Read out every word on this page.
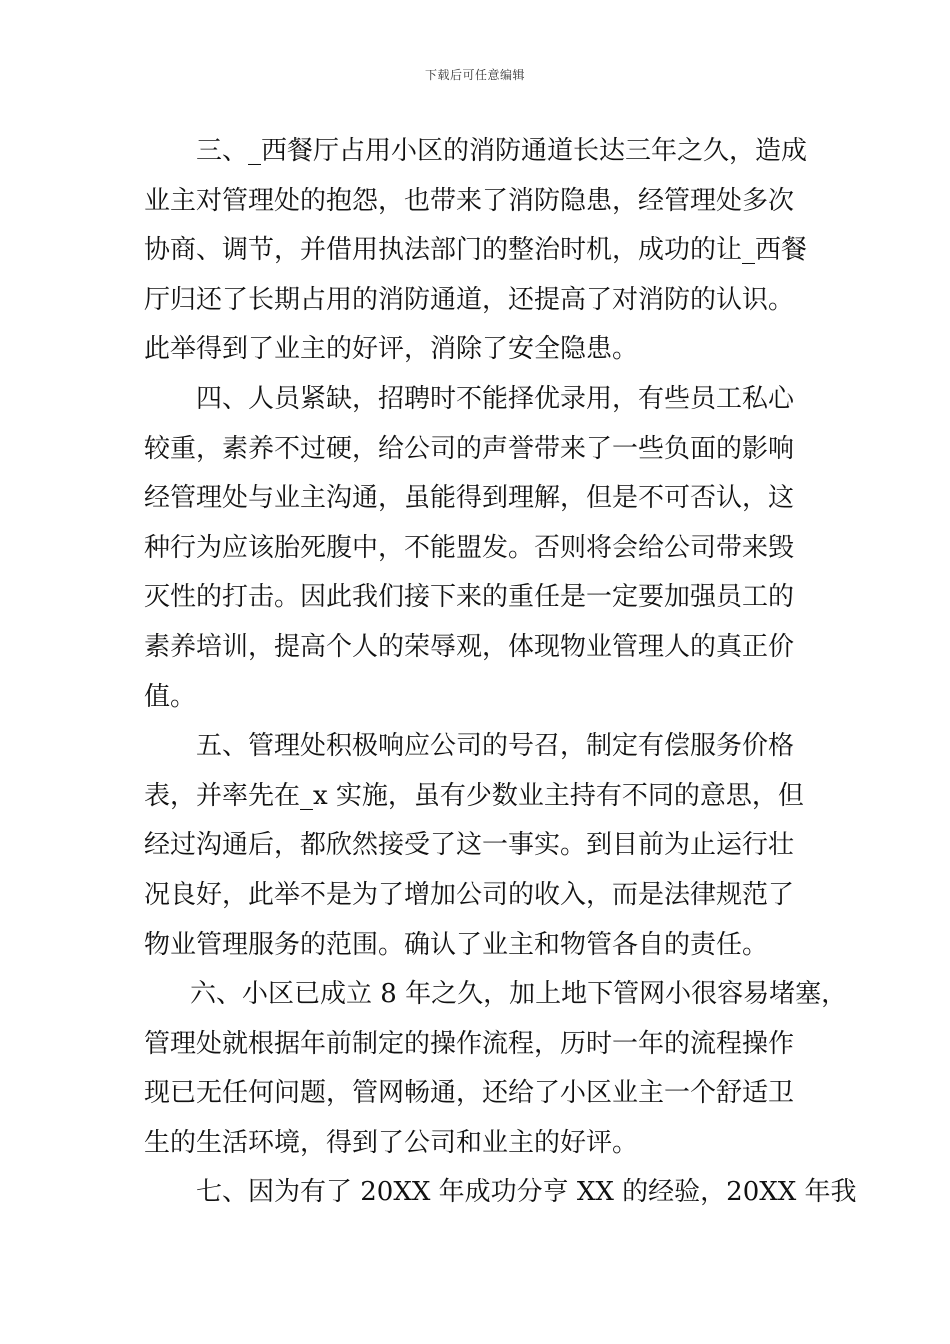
下载后可任意编辑
三、_西餐厅占用小区的消防通道长达三年之久，造成
业主对管理处的抱怨，也带来了消防隐患，经管理处多次
协商、调节，并借用执法部门的整治时机，成功的让_西餐
厅归还了长期占用的消防通道，还提高了对消防的认识。
此举得到了业主的好评，消除了安全隐患。
四、人员紧缺，招聘时不能择优录用，有些员工私心
较重，素养不过硬，给公司的声誉带来了一些负面的影响
经管理处与业主沟通，虽能得到理解，但是不可否认，这
种行为应该胎死腹中，不能盟发。否则将会给公司带来毁
灭性的打击。因此我们接下来的重任是一定要加强员工的
素养培训，提高个人的荣辱观，体现物业管理人的真正价
值。
五、管理处积极响应公司的号召，制定有偿服务价格
表，并率先在_x 实施，虽有少数业主持有不同的意思，但
经过沟通后，都欣然接受了这一事实。到目前为止运行壮
况良好，此举不是为了增加公司的收入，而是法律规范了
物业管理服务的范围。确认了业主和物管各自的责任。
六、小区已成立 8 年之久，加上地下管网小很容易堵塞，
管理处就根据年前制定的操作流程，历时一年的流程操作
现已无任何问题，管网畅通，还给了小区业主一个舒适卫
生的生活环境，得到了公司和业主的好评。
七、因为有了 20XX 年成功分亨 XX 的经验，20XX 年我
